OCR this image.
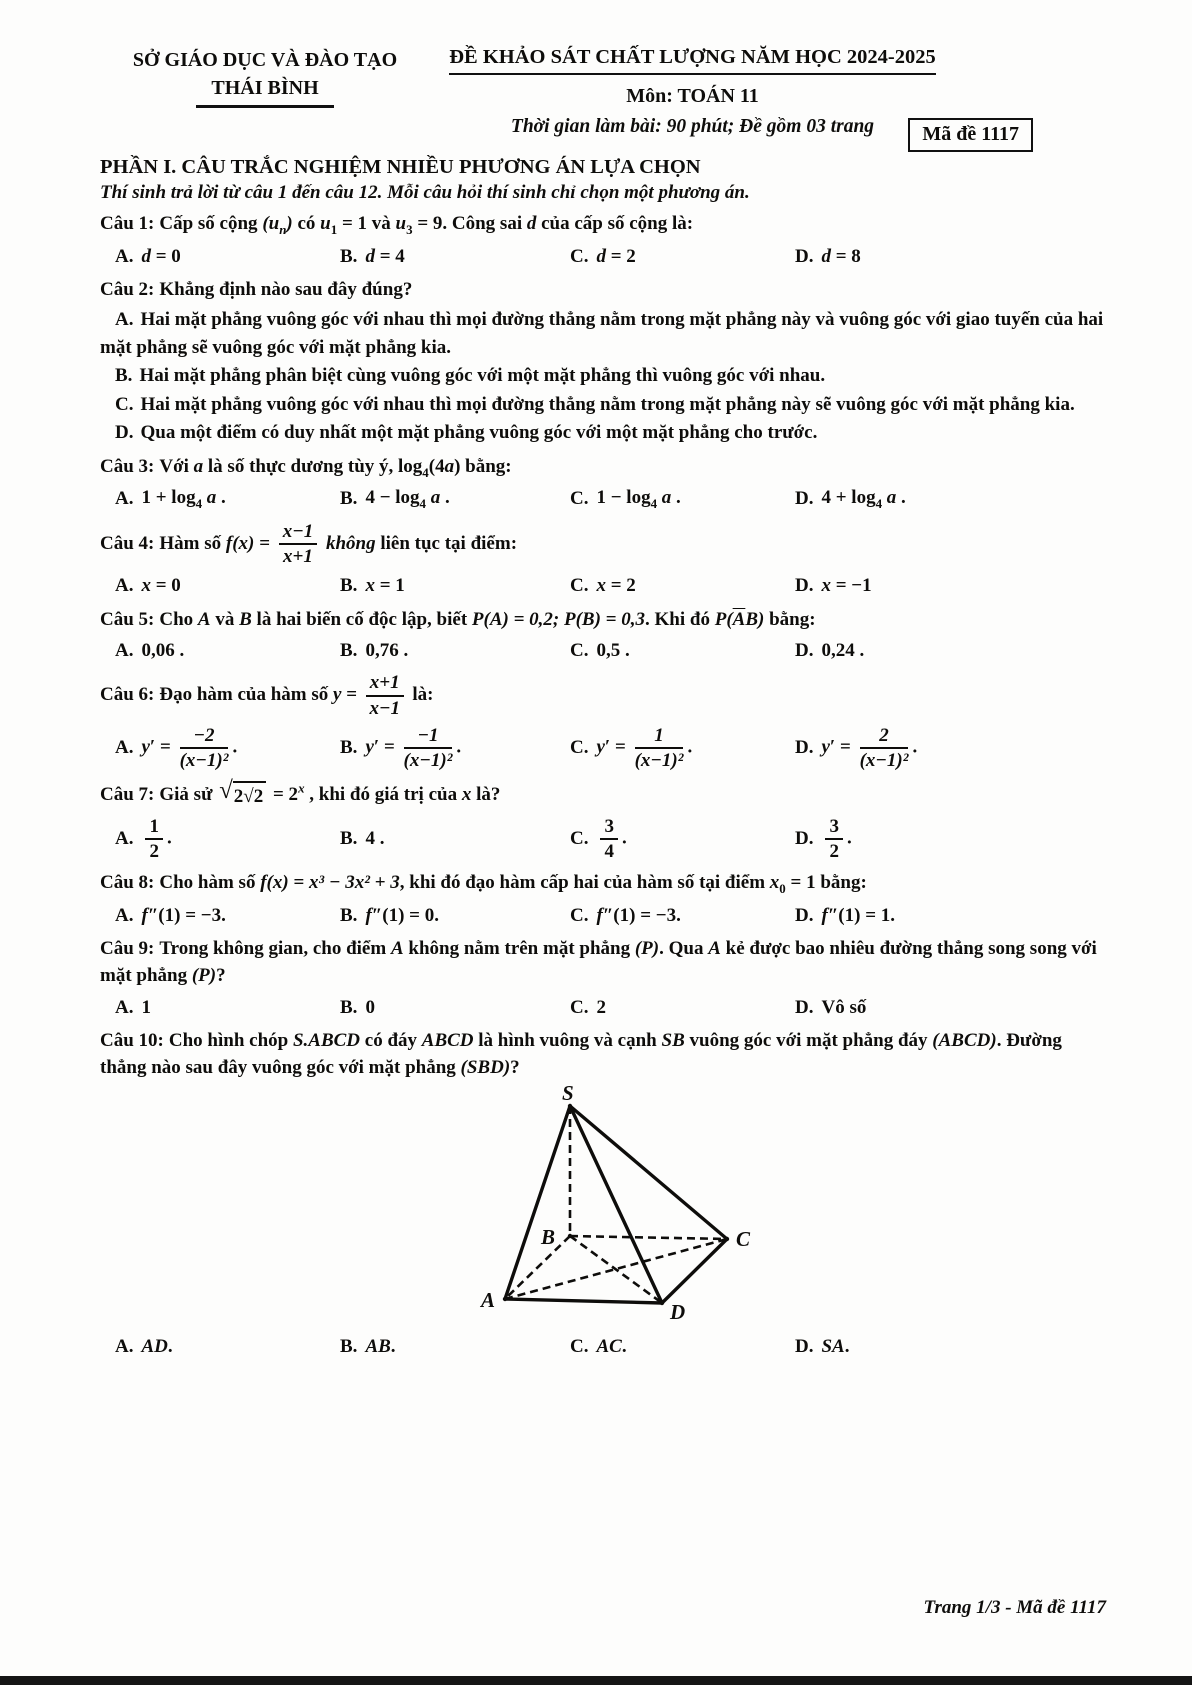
SỞ GIÁO DỤC VÀ ĐÀO TẠO
THÁI BÌNH
ĐỀ KHẢO SÁT CHẤT LƯỢNG NĂM HỌC 2024-2025
Môn: TOÁN 11
Thời gian làm bài: 90 phút; Đề gồm 03 trang	Mã đề 1117
PHẦN I. CÂU TRẮC NGHIỆM NHIỀU PHƯƠNG ÁN LỰA CHỌN
Thí sinh trả lời từ câu 1 đến câu 12. Mỗi câu hỏi thí sinh chỉ chọn một phương án.

Câu 1: Cấp số cộng $(u_n)$ có $u_1 = 1$ và $u_3 = 9$. Công sai d của cấp số cộng là:

A. d = 0	B. d = 4	C. d = 2	D. d = 8

Câu 2: Khẳng định nào sau đây đúng?

A. Hai mặt phẳng vuông góc với nhau thì mọi đường thẳng nằm trong mặt phẳng này và vuông góc với giao tuyến của hai mặt phẳng sẽ vuông góc với mặt phẳng kia.

B. Hai mặt phẳng phân biệt cùng vuông góc với một mặt phẳng thì vuông góc với nhau.

C. Hai mặt phẳng vuông góc với nhau thì mọi đường thẳng nằm trong mặt phẳng này sẽ vuông góc với mặt phẳng kia.

D. Qua một điểm có duy nhất một mặt phẳng vuông góc với một mặt phẳng cho trước.

Câu 3: Với a là số thực dương tùy ý, $\log_4(4a)$ bằng:

A. $1 + \log_4 a$ .	B. $4 - \log_4 a$ .	C. $1 - \log_4 a$ .	D. $4 + \log_4 a$ .

Câu 4: Hàm số $f(x) = \frac{x-1}{x+1}$ không liên tục tại điểm:

A. x = 0	B. x = 1	C. x = 2	D. x = −1

Câu 5: Cho A và B là hai biến cố độc lập, biết P(A) = 0,2; P(B) = 0,3. Khi đó $P(\overline{A}B)$ bằng:

A. 0,06 .	B. 0,76 .	C. 0,5 .	D. 0,24 .

Câu 6: Đạo hàm của hàm số $y = \frac{x+1}{x-1}$ là:

A. $y' = \frac{-2}{\text{(x−1)²}}$ .	B. $y' = \frac{-1}{\text{(x−1)²}}$ .	C. $y' = \frac{1}{\text{(x−1)²}}$ .	D. $y' = \frac{2}{\text{(x−1)²}}$ .

Câu 7: Giả sử √ $2√2 = 2^x$ , khi đó giá trị của x là?

A. $\frac{1}{2}$ .	B. 4 .	C. $\frac{3}{4}$ .	D. $\frac{3}{2}$ .

Câu 8: Cho hàm số f(x) = x³ − 3x² + 3, khi đó đạo hàm cấp hai của hàm số tại điểm $x_0 = 1$ bằng:

A. f″(1) = −3.	B. f″(1) = 0.	C. f″(1) = −3.	D. f″(1) = 1.

Câu 9: Trong không gian, cho điểm A không nằm trên mặt phẳng (P). Qua A kẻ được bao nhiêu đường thẳng song song với mặt phẳng (P)?

A. 1	B. 0	C. 2	D. Vô số

Câu 10: Cho hình chóp S.ABCD có đáy ABCD là hình vuông và cạnh SB vuông góc với mặt phẳng đáy (ABCD). Đường thẳng nào sau đây vuông góc với mặt phẳng (SBD)?

S
B	C
A	D
A. AD.	B. AB.	C. AC.	D. SA.
Trang 1/3 - Mã đề 1117
